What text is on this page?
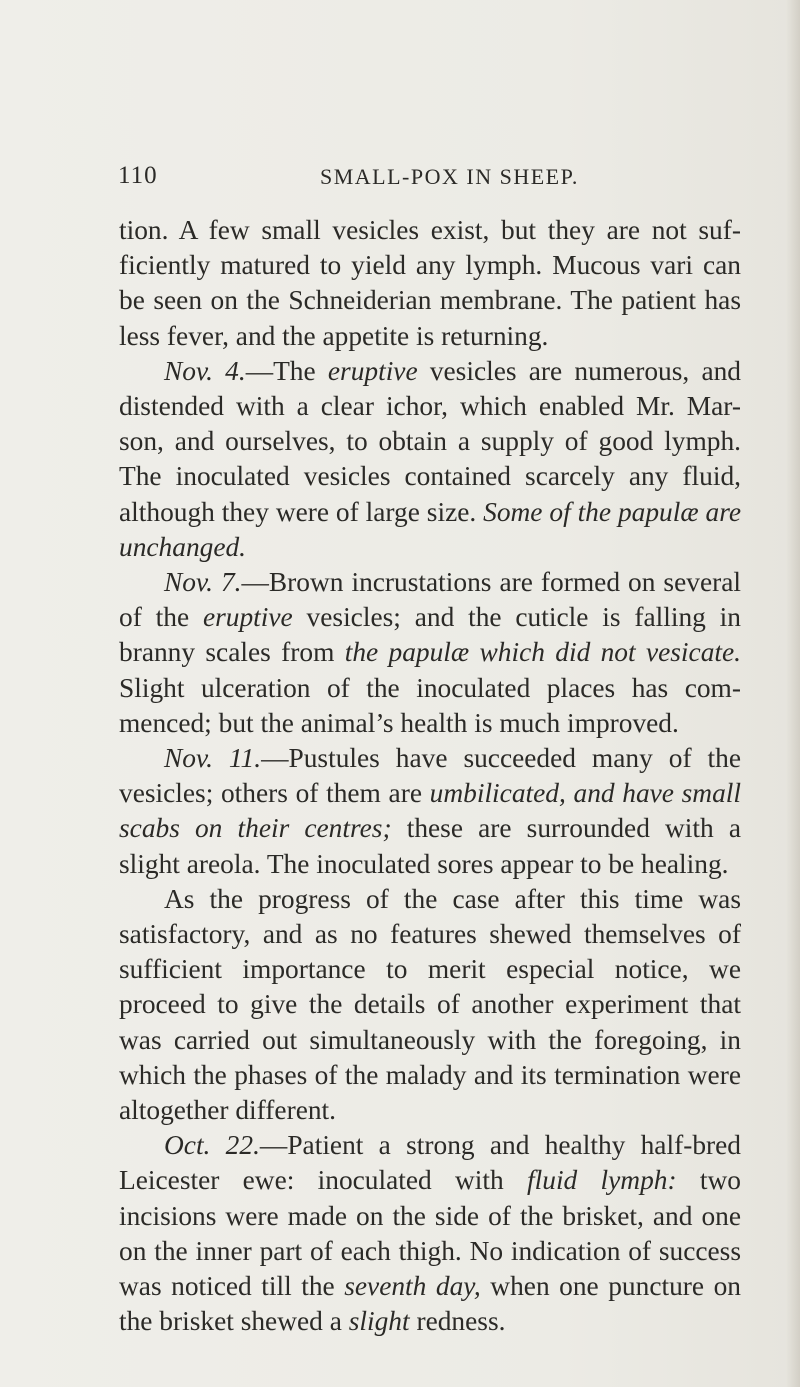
110	SMALL-POX IN SHEEP.

tion. A few small vesicles exist, but they are not suf-ficiently matured to yield any lymph. Mucous vari can be seen on the Schneiderian membrane. The patient has less fever, and the appetite is returning.

Nov. 4.—The eruptive vesicles are numerous, and distended with a clear ichor, which enabled Mr. Mar-son, and ourselves, to obtain a supply of good lymph. The inoculated vesicles contained scarcely any fluid, although they were of large size. Some of the papulæ are unchanged.

Nov. 7.—Brown incrustations are formed on several of the eruptive vesicles; and the cuticle is falling in branny scales from the papulæ which did not vesicate. Slight ulceration of the inoculated places has com-menced; but the animal’s health is much improved.

Nov. 11.—Pustules have succeeded many of the vesicles; others of them are umbilicated, and have small scabs on their centres; these are surrounded with a slight areola. The inoculated sores appear to be healing.

As the progress of the case after this time was satisfactory, and as no features shewed themselves of sufficient importance to merit especial notice, we proceed to give the details of another experiment that was carried out simultaneously with the foregoing, in which the phases of the malady and its termination were altogether different.

Oct. 22.—Patient a strong and healthy half-bred Leicester ewe: inoculated with fluid lymph: two incisions were made on the side of the brisket, and one on the inner part of each thigh. No indication of success was noticed till the seventh day, when one puncture on the brisket shewed a slight redness.
